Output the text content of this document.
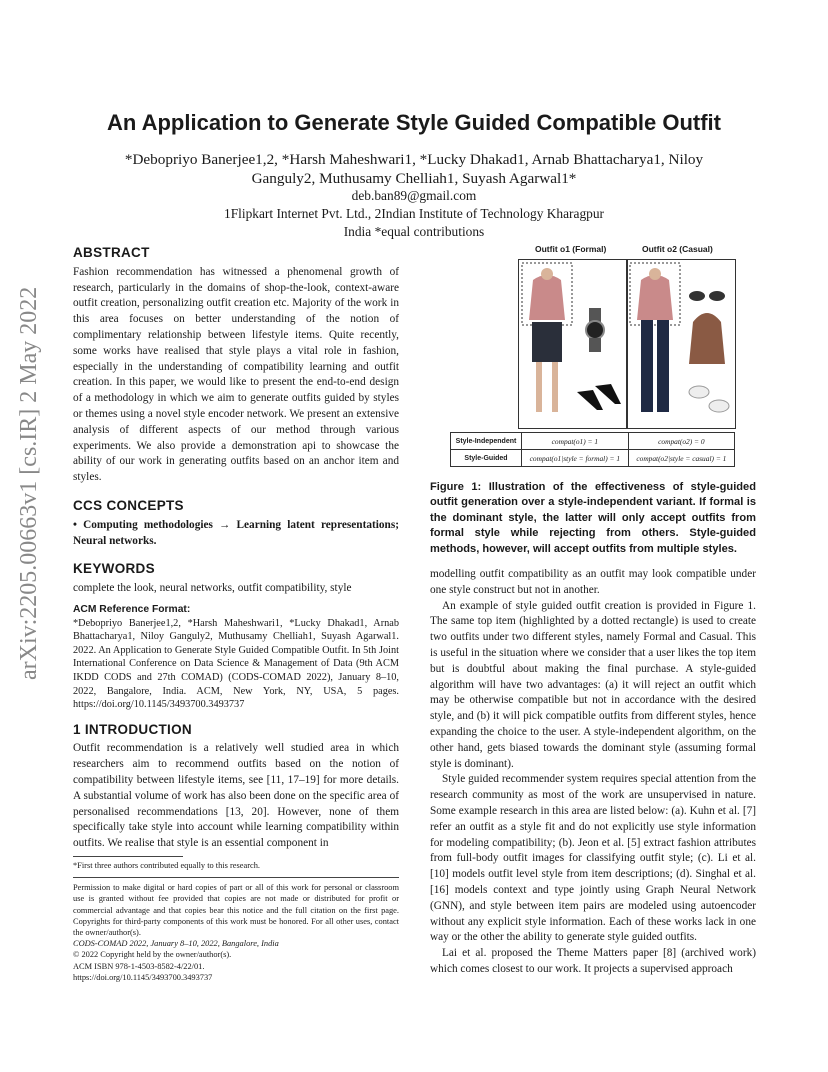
arXiv:2205.00663v1 [cs.IR] 2 May 2022
An Application to Generate Style Guided Compatible Outfit
*Debopriyo Banerjee1,2, *Harsh Maheshwari1, *Lucky Dhakad1, Arnab Bhattacharya1, Niloy
Ganguly2, Muthusamy Chelliah1, Suyash Agarwal1*
deb.ban89@gmail.com
1Flipkart Internet Pvt. Ltd., 2Indian Institute of Technology Kharagpur
India *equal contributions
ABSTRACT

Fashion recommendation has witnessed a phenomenal growth of research, particularly in the domains of shop-the-look, context-aware outfit creation, personalizing outfit creation etc. Majority of the work in this area focuses on better understanding of the notion of complimentary relationship between lifestyle items. Quite recently, some works have realised that style plays a vital role in fashion, especially in the understanding of compatibility learning and outfit creation. In this paper, we would like to present the end-to-end design of a methodology in which we aim to generate outfits guided by styles or themes using a novel style encoder network. We present an extensive analysis of different aspects of our method through various experiments. We also provide a demonstration api to showcase the ability of our work in generating outfits based on an anchor item and styles.

CCS CONCEPTS

• Computing methodologies → Learning latent representations; Neural networks.

KEYWORDS

complete the look, neural networks, outfit compatibility, style

ACM Reference Format:

*Debopriyo Banerjee1,2, *Harsh Maheshwari1, *Lucky Dhakad1, Arnab Bhattacharya1, Niloy Ganguly2, Muthusamy Chelliah1, Suyash Agarwal1. 2022. An Application to Generate Style Guided Compatible Outfit. In 5th Joint International Conference on Data Science & Management of Data (9th ACM IKDD CODS and 27th COMAD) (CODS-COMAD 2022), January 8–10, 2022, Bangalore, India. ACM, New York, NY, USA, 5 pages. https://doi.org/10.1145/3493700.3493737

1 INTRODUCTION

Outfit recommendation is a relatively well studied area in which researchers aim to recommend outfits based on the notion of compatibility between lifestyle items, see [11, 17–19] for more details. A substantial volume of work has also been done on the specific area of personalised recommendations [13, 20]. However, none of them specifically take style into account while learning compatibility within outfits. We realise that style is an essential component in

*First three authors contributed equally to this research.

Permission to make digital or hard copies of part or all of this work for personal or classroom use is granted without fee provided that copies are not made or distributed for profit or commercial advantage and that copies bear this notice and the full citation on the first page. Copyrights for third-party components of this work must be honored. For all other uses, contact the owner/author(s).

CODS-COMAD 2022, January 8–10, 2022, Bangalore, India

© 2022 Copyright held by the owner/author(s).

ACM ISBN 978-1-4503-8582-4/22/01.

https://doi.org/10.1145/3493700.3493737

Outfit o1 (Formal)	Outfit o2 (Casual)
Style-Independent	compat(o1) = 1	compat(o2) = 0
Style-Guided	compat(o1|style = formal) = 1	compat(o2|style = casual) = 1

Figure 1: Illustration of the effectiveness of style-guided outfit generation over a style-independent variant. If formal is the dominant style, the latter will only accept outfits from formal style while rejecting from others. Style-guided methods, however, will accept outfits from multiple styles.

modelling outfit compatibility as an outfit may look compatible under one style construct but not in another.

An example of style guided outfit creation is provided in Figure 1. The same top item (highlighted by a dotted rectangle) is used to create two outfits under two different styles, namely Formal and Casual. This is useful in the situation where we consider that a user likes the top item but is doubtful about making the final purchase. A style-guided algorithm will have two advantages: (a) it will reject an outfit which may be otherwise compatible but not in accordance with the desired style, and (b) it will pick compatible outfits from different styles, hence expanding the choice to the user. A style-independent algorithm, on the other hand, gets biased towards the dominant style (assuming formal style is dominant).

Style guided recommender system requires special attention from the research community as most of the work are unsupervised in nature. Some example research in this area are listed below: (a). Kuhn et al. [7] refer an outfit as a style fit and do not explicitly use style information for modeling compatibility; (b). Jeon et al. [5] extract fashion attributes from full-body outfit images for classifying outfit style; (c). Li et al. [10] models outfit level style from item descriptions; (d). Singhal et al. [16] models context and type jointly using Graph Neural Network (GNN), and style between item pairs are modeled using autoencoder without any explicit style information. Each of these works lack in one way or the other the ability to generate style guided outfits.

Lai et al. proposed the Theme Matters paper [8] (archived work) which comes closest to our work. It projects a supervised approach
